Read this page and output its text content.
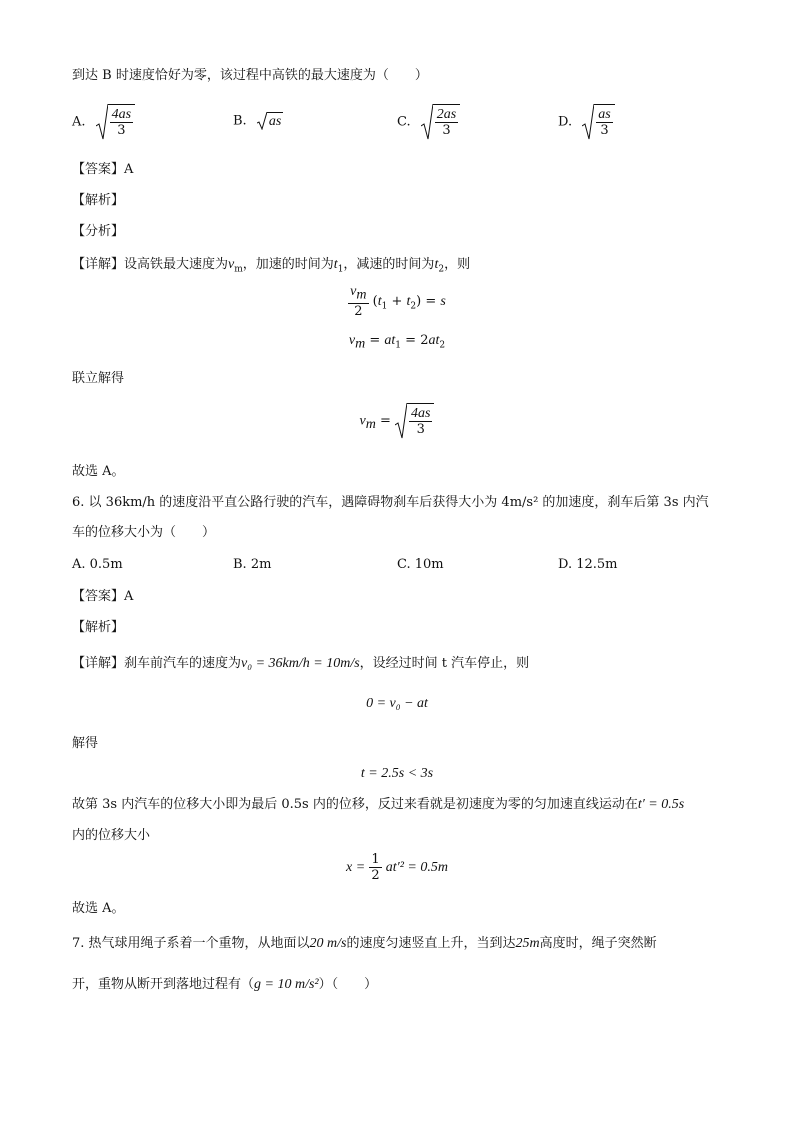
到达 B 时速度恰好为零，该过程中高铁的最大速度为（　　）
A. $\frac{4as}{3}$	B. as	C. $\frac{2as}{3}$	D. $\frac{as}{3}$
【答案】A
【解析】
【分析】
【详解】设高铁最大速度为$v_m$，加速的时间为$t_1$，减速的时间为$t_2$，则
$\frac{v_m}{2} (t_1 + t_2) = s$
$v_m = at_1 = 2at_2$
联立解得
$v_m = \frac{4as}{3}$
故选 A。
6. 以 36km/h 的速度沿平直公路行驶的汽车，遇障碍物刹车后获得大小为 4m/s² 的加速度，刹车后第 3s 内汽
车的位移大小为（　　）
A. 0.5m	B. 2m	C. 10m	D. 12.5m
【答案】A
【解析】
【详解】刹车前汽车的速度为v₀ = 36km/h = 10m/s，设经过时间 t 汽车停止，则
0 = v₀ − at
解得
t = 2.5s < 3s
故第 3s 内汽车的位移大小即为最后 0.5s 内的位移，反过来看就是初速度为零的匀加速直线运动在t′ = 0.5s
内的位移大小
$x = \frac{1}{2} at'^2 = 0.5m$
故选 A。
7. 热气球用绳子系着一个重物，从地面以20 m/s的速度匀速竖直上升，当到达25m高度时，绳子突然断
开，重物从断开到落地过程有（g = 10 m/s²）（　　）
